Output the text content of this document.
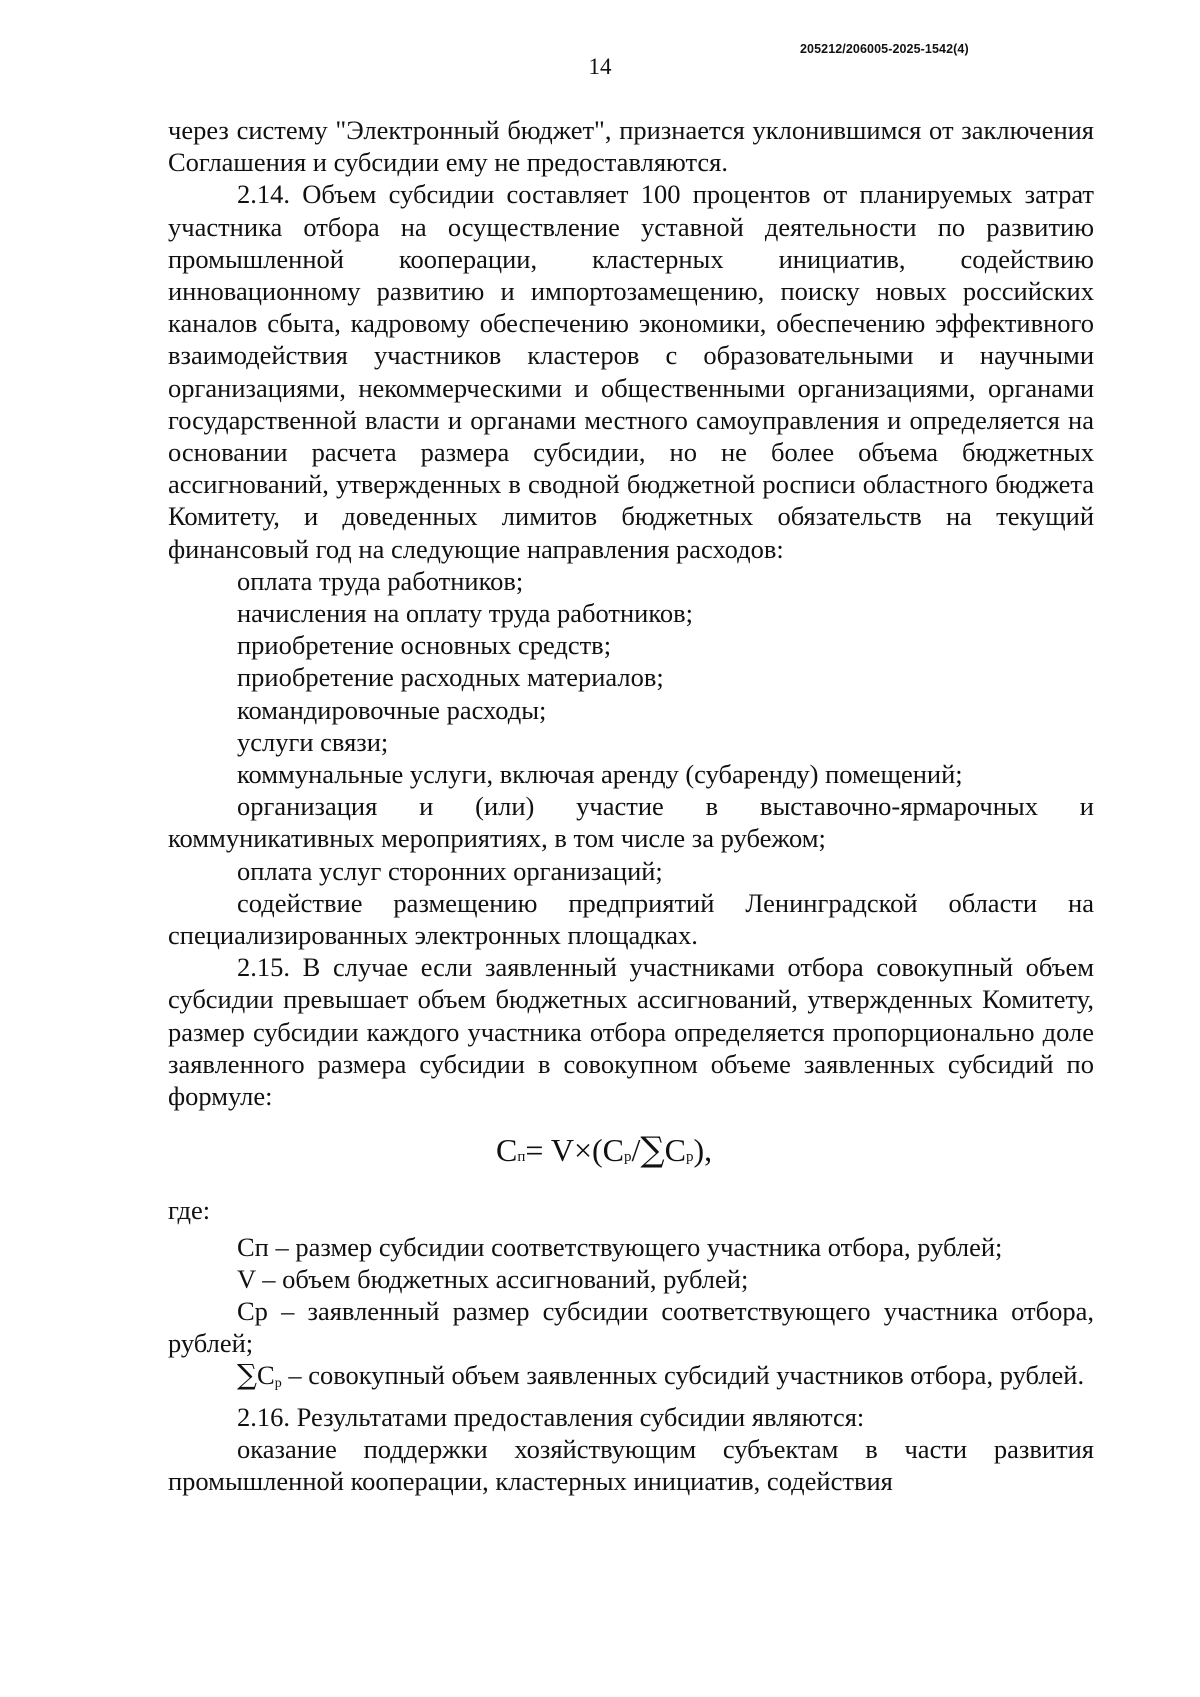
14
205212/206005-2025-1542(4)

через систему "Электронный бюджет", признается уклонившимся от заключения Соглашения и субсидии ему не предоставляются.

2.14. Объем субсидии составляет 100 процентов от планируемых затрат участника отбора на осуществление уставной деятельности по развитию промышленной кооперации, кластерных инициатив, содействию инновационному развитию и импортозамещению, поиску новых российских каналов сбыта, кадровому обеспечению экономики, обеспечению эффективного взаимодействия участников кластеров с образовательными и научными организациями, некоммерческими и общественными организациями, органами государственной власти и органами местного самоуправления и определяется на основании расчета размера субсидии, но не более объема бюджетных ассигнований, утвержденных в сводной бюджетной росписи областного бюджета Комитету, и доведенных лимитов бюджетных обязательств на текущий финансовый год на следующие направления расходов:

оплата труда работников;

начисления на оплату труда работников;

приобретение основных средств;

приобретение расходных материалов;

командировочные расходы;

услуги связи;

коммунальные услуги, включая аренду (субаренду) помещений;

организация и (или) участие в выставочно-ярмарочных и коммуникативных мероприятиях, в том числе за рубежом;

оплата услуг сторонних организаций;

содействие размещению предприятий Ленинградской области на специализированных электронных площадках.

2.15. В случае если заявленный участниками отбора совокупный объем субсидии превышает объем бюджетных ассигнований, утвержденных Комитету, размер субсидии каждого участника отбора определяется пропорционально доле заявленного размера субсидии в совокупном объеме заявленных субсидий по формуле:

C п = V×(C р / ∑ C р ),

где:

Сп – размер субсидии соответствующего участника отбора, рублей;

V – объем бюджетных ассигнований, рублей;

Ср – заявленный размер субсидии соответствующего участника отбора, рублей;

∑Cр – совокупный объем заявленных субсидий участников отбора, рублей.

2.16. Результатами предоставления субсидии являются:

оказание поддержки хозяйствующим субъектам в части развития промышленной кооперации, кластерных инициатив, содействия
